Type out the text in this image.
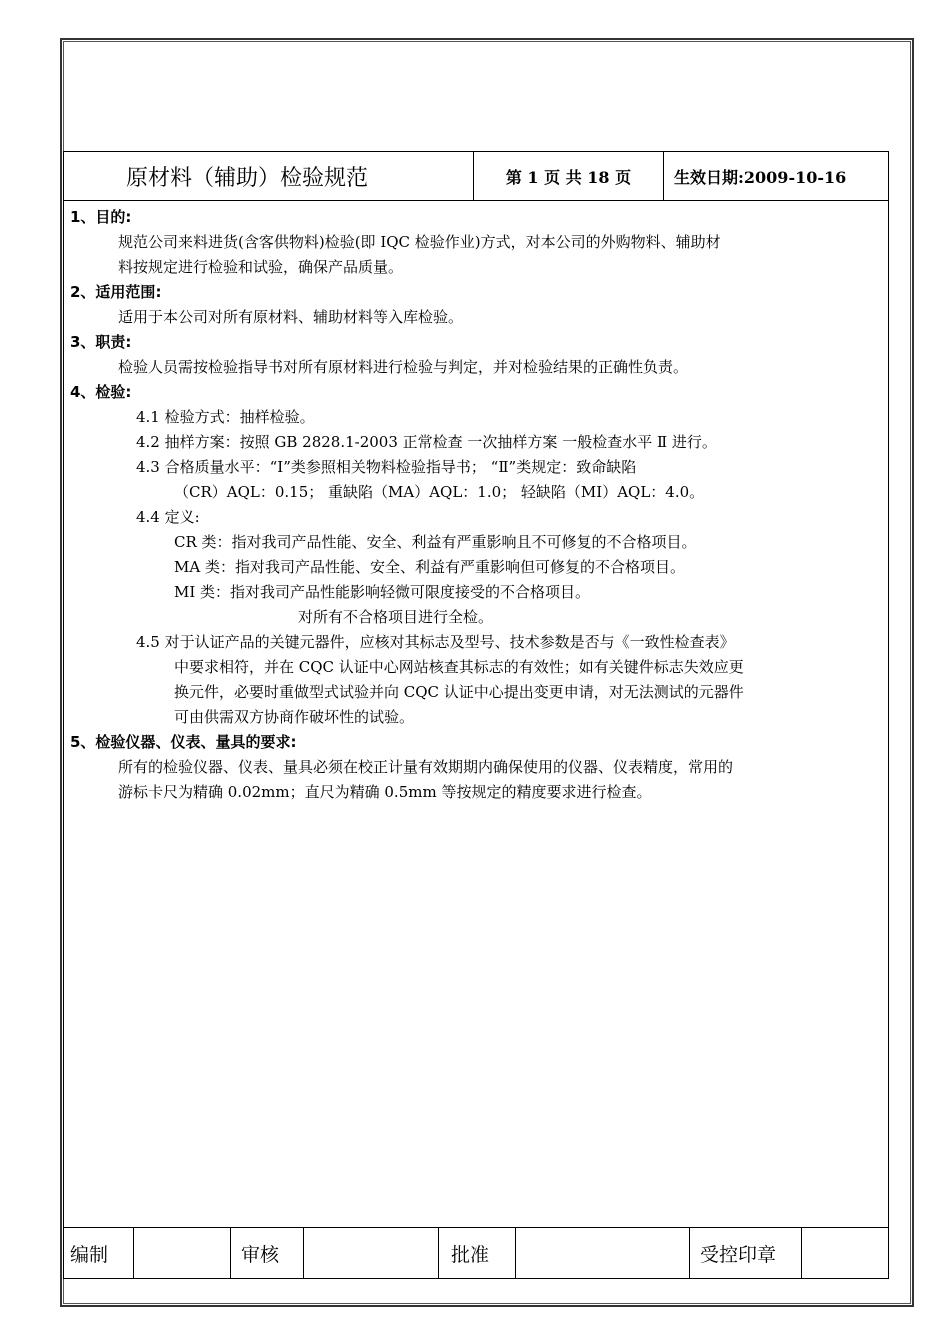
原材料（辅助）检验规范	第 1 页 共 18 页	生效日期:2009-10-16
1、目的:
规范公司来料进货(含客供物料)检验(即 IQC 检验作业)方式，对本公司的外购物料、辅助材
料按规定进行检验和试验，确保产品质量。
2、适用范围:
适用于本公司对所有原材料、辅助材料等入库检验。
3、职责:
检验人员需按检验指导书对所有原材料进行检验与判定，并对检验结果的正确性负责。
4、检验:
4.1 检验方式：抽样检验。
4.2 抽样方案：按照 GB 2828.1-2003 正常检查 一次抽样方案 一般检查水平 Ⅱ 进行。
4.3 合格质量水平：“Ⅰ”类参照相关物料检验指导书； “Ⅱ”类规定：致命缺陷
（CR）AQL：0.15； 重缺陷（MA）AQL：1.0； 轻缺陷（MI）AQL：4.0。
4.4 定义:
CR 类：指对我司产品性能、安全、利益有严重影响且不可修复的不合格项目。
MA 类：指对我司产品性能、安全、利益有严重影响但可修复的不合格项目。
MI 类：指对我司产品性能影响轻微可限度接受的不合格项目。
对所有不合格项目进行全检。
4.5 对于认证产品的关键元器件，应核对其标志及型号、技术参数是否与《一致性检查表》
中要求相符，并在 CQC 认证中心网站核查其标志的有效性；如有关键件标志失效应更
换元件，必要时重做型式试验并向 CQC 认证中心提出变更申请，对无法测试的元器件
可由供需双方协商作破坏性的试验。
5、检验仪器、仪表、量具的要求:
所有的检验仪器、仪表、量具必须在校正计量有效期期内确保使用的仪器、仪表精度，常用的
游标卡尺为精确 0.02mm；直尺为精确 0.5mm 等按规定的精度要求进行检查。
编制	审核	批准	受控印章
